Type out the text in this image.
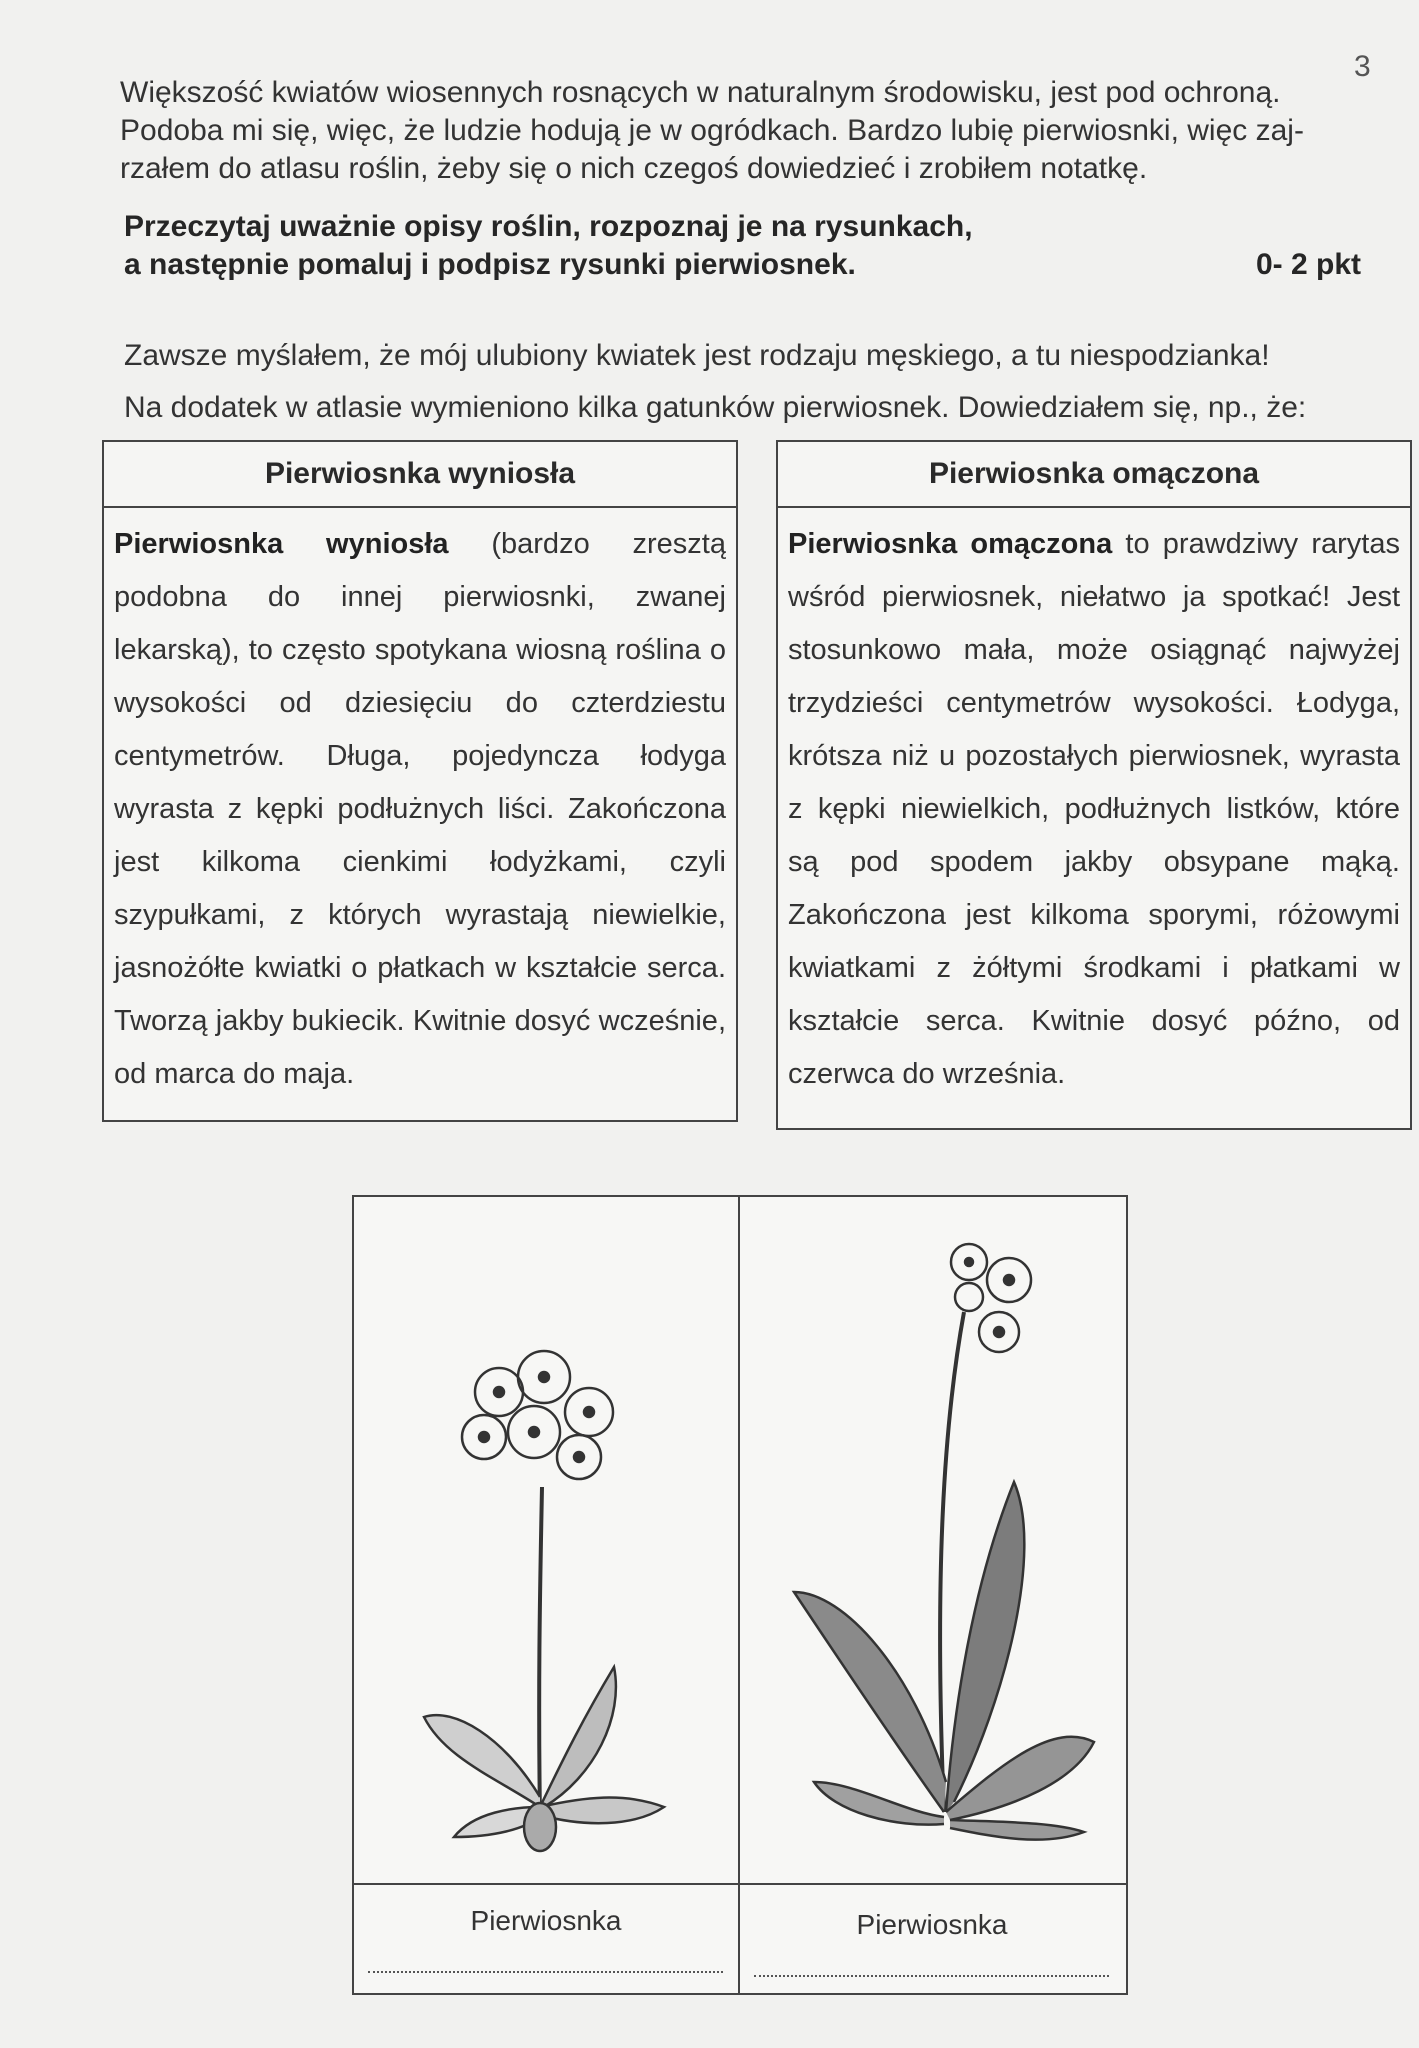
3
Większość kwiatów wiosennych rosnących w naturalnym środowisku, jest pod ochroną.
Podoba mi się, więc, że ludzie hodują je w ogródkach. Bardzo lubię pierwiosnki, więc zaj-
rzałem do atlasu roślin, żeby się o nich czegoś dowiedzieć i zrobiłem notatkę.
Przeczytaj uważnie opisy roślin, rozpoznaj je na rysunkach,
a następnie pomaluj i podpisz rysunki pierwiosnek.	0- 2 pkt
Zawsze myślałem, że mój ulubiony kwiatek jest rodzaju męskiego, a tu niespodzianka!
Na dodatek w atlasie wymieniono kilka gatunków pierwiosnek. Dowiedziałem się, np., że:
Pierwiosnka wyniosła
Pierwiosnka wyniosła (bardzo zresztą podobna do innej pierwiosnki, zwanej lekarską), to często spotykana wiosną roślina o wysokości od dziesięciu do czterdziestu centymetrów. Długa, pojedyncza łodyga wyrasta z kępki podłużnych liści. Zakończona jest kilkoma cienkimi łodyżkami, czyli szypułkami, z których wyrastają niewielkie, jasnożółte kwiatki o płatkach w kształcie serca. Tworzą jakby bukiecik. Kwitnie dosyć wcześnie, od marca do maja.
Pierwiosnka omączona
Pierwiosnka omączona to prawdziwy rarytas wśród pierwiosnek, niełatwo ja spotkać! Jest stosunkowo mała, może osiągnąć najwyżej trzydzieści centymetrów wysokości. Łodyga, krótsza niż u pozostałych pierwiosnek, wyrasta z kępki niewielkich, podłużnych listków, które są pod spodem jakby obsypane mąką. Zakończona jest kilkoma sporymi, różowymi kwiatkami z żółtymi środkami i płatkami w kształcie serca. Kwitnie dosyć późno, od czerwca do września.
Pierwiosnka	Pierwiosnka
